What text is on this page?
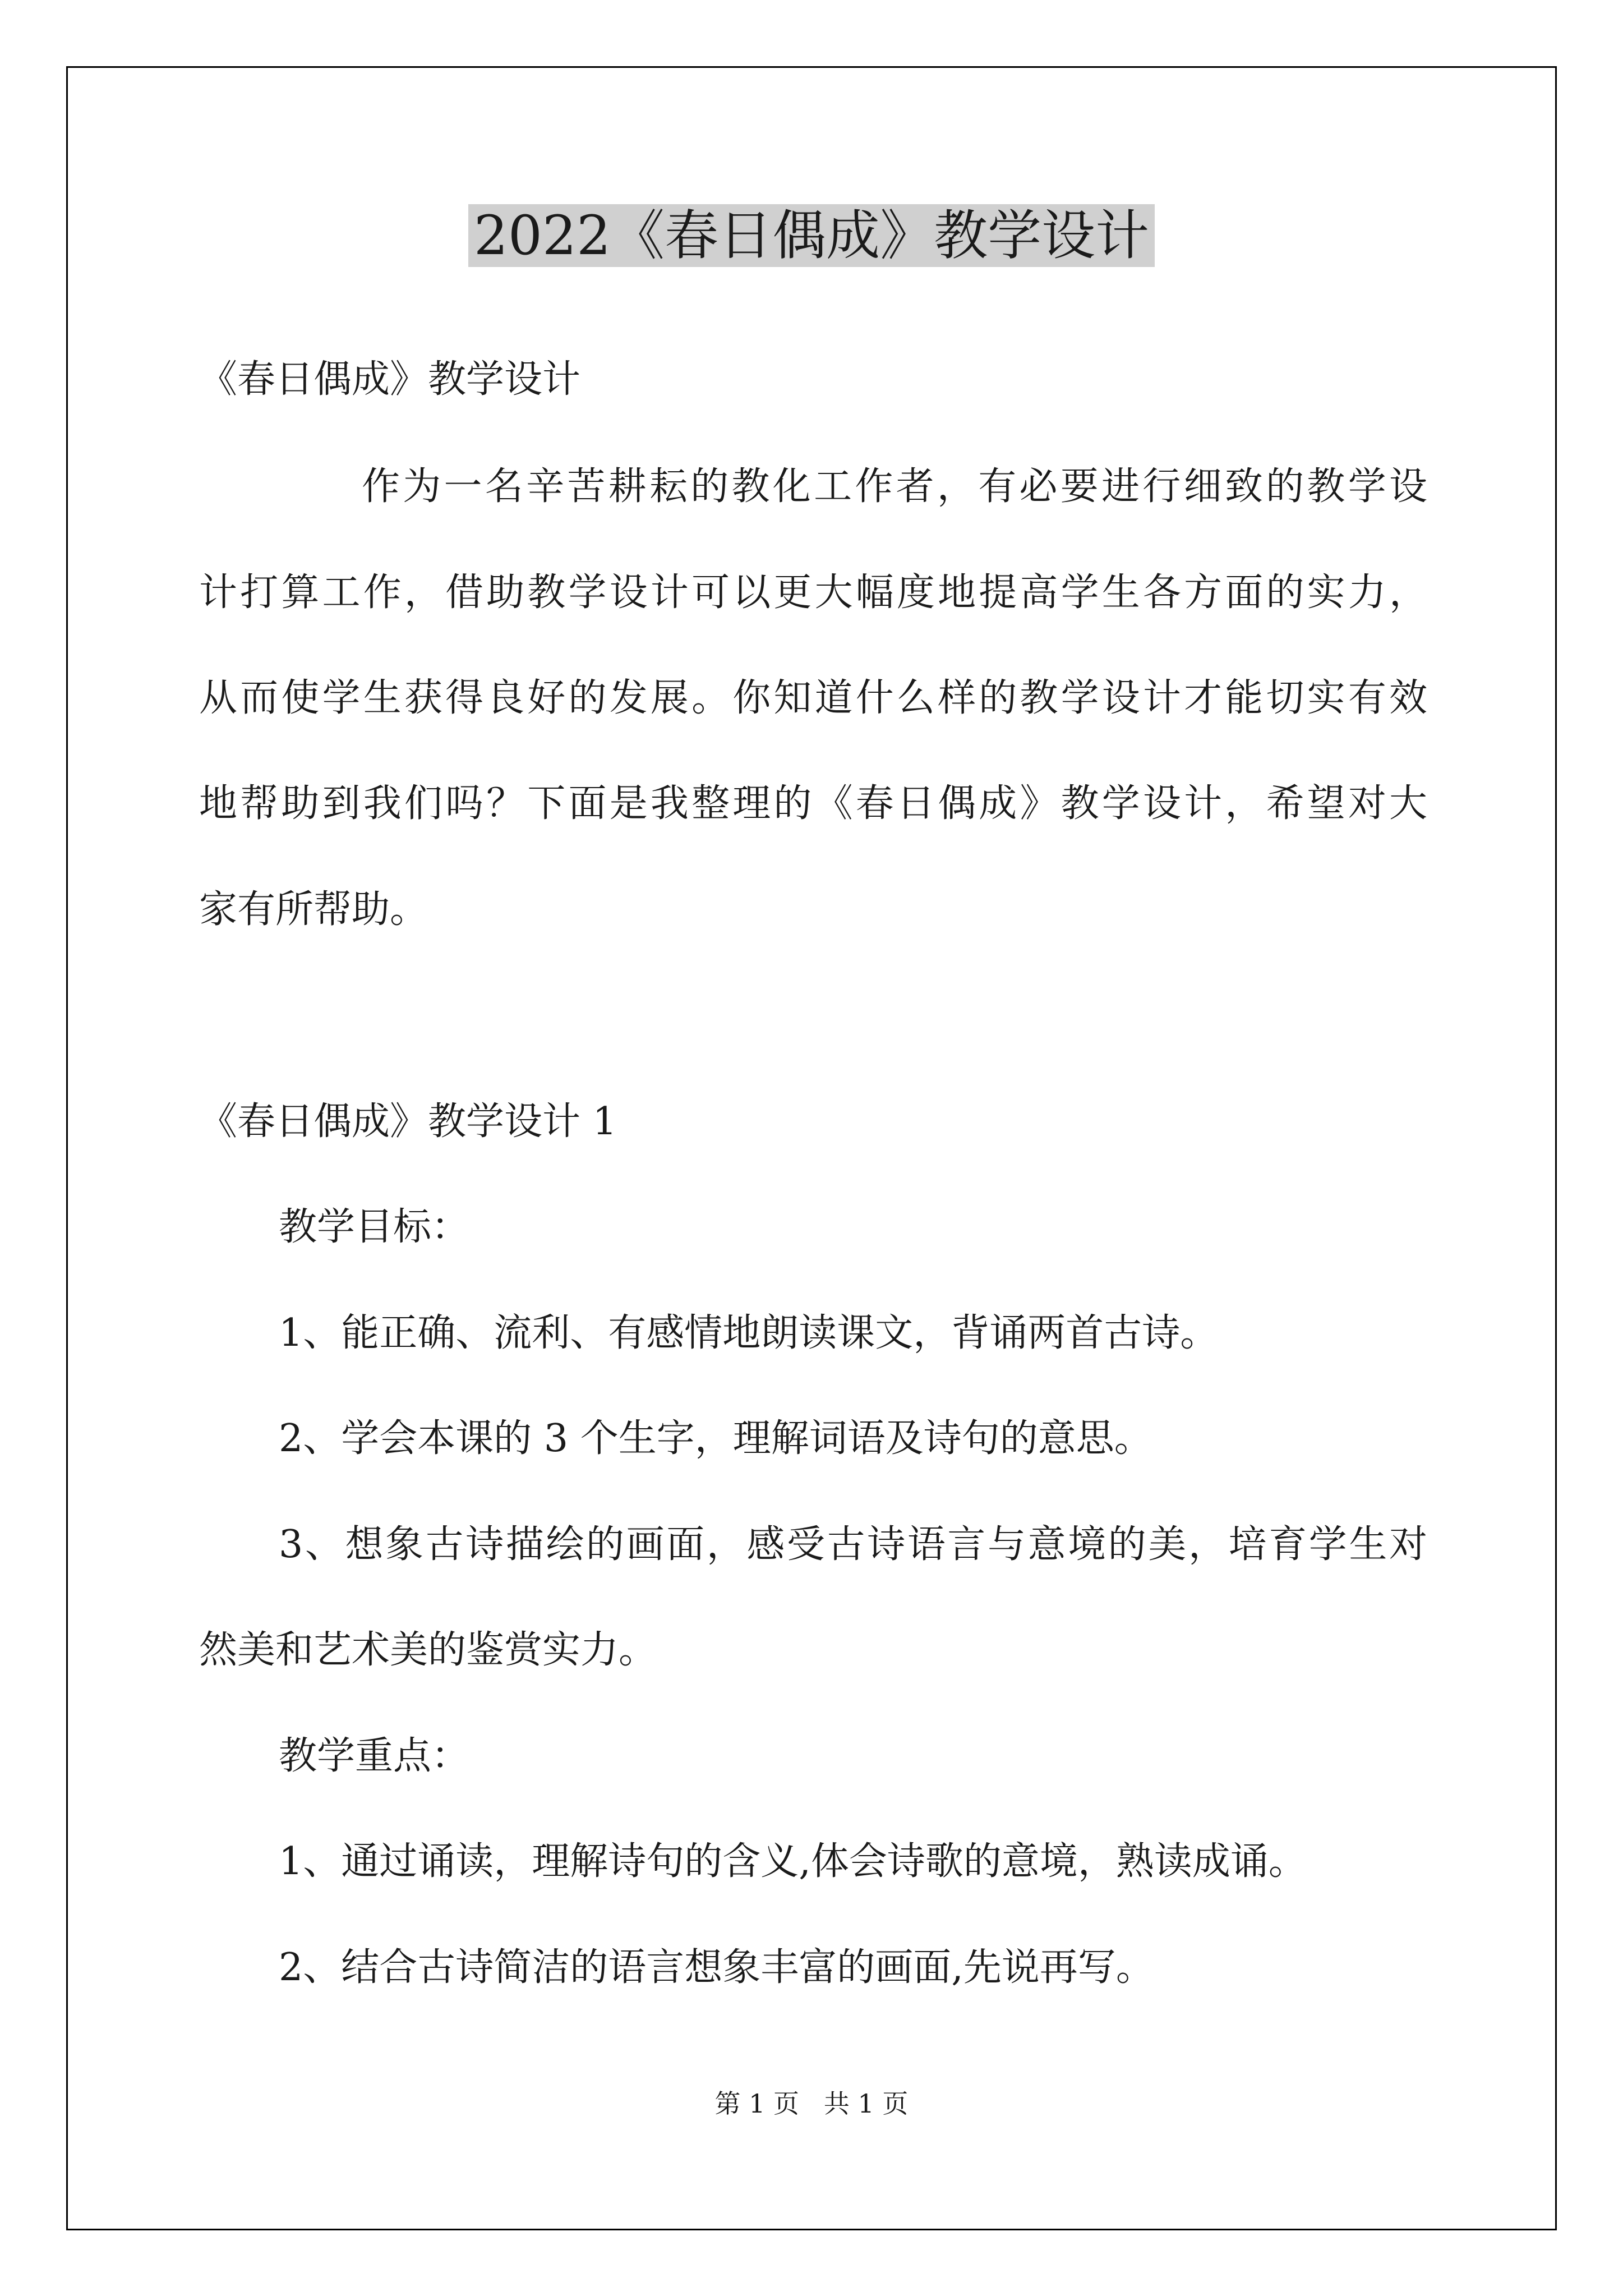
2022《春日偶成》教学设计
《春日偶成》教学设计
作为一名辛苦耕耘的教化工作者，有必要进行细致的教学设
计打算工作，借助教学设计可以更大幅度地提高学生各方面的实力，
从而使学生获得良好的发展。你知道什么样的教学设计才能切实有效
地帮助到我们吗？下面是我整理的《春日偶成》教学设计，希望对大
家有所帮助。
《春日偶成》教学设计 1
教学目标：
1、能正确、流利、有感情地朗读课文，背诵两首古诗。
2、学会本课的 3 个生字，理解词语及诗句的意思。
3、想象古诗描绘的画面，感受古诗语言与意境的美，培育学生对
然美和艺术美的鉴赏实力。
教学重点：
1、通过诵读，理解诗句的含义,体会诗歌的意境，熟读成诵。
2、结合古诗简洁的语言想象丰富的画面,先说再写。
第 1 页   共 1 页
